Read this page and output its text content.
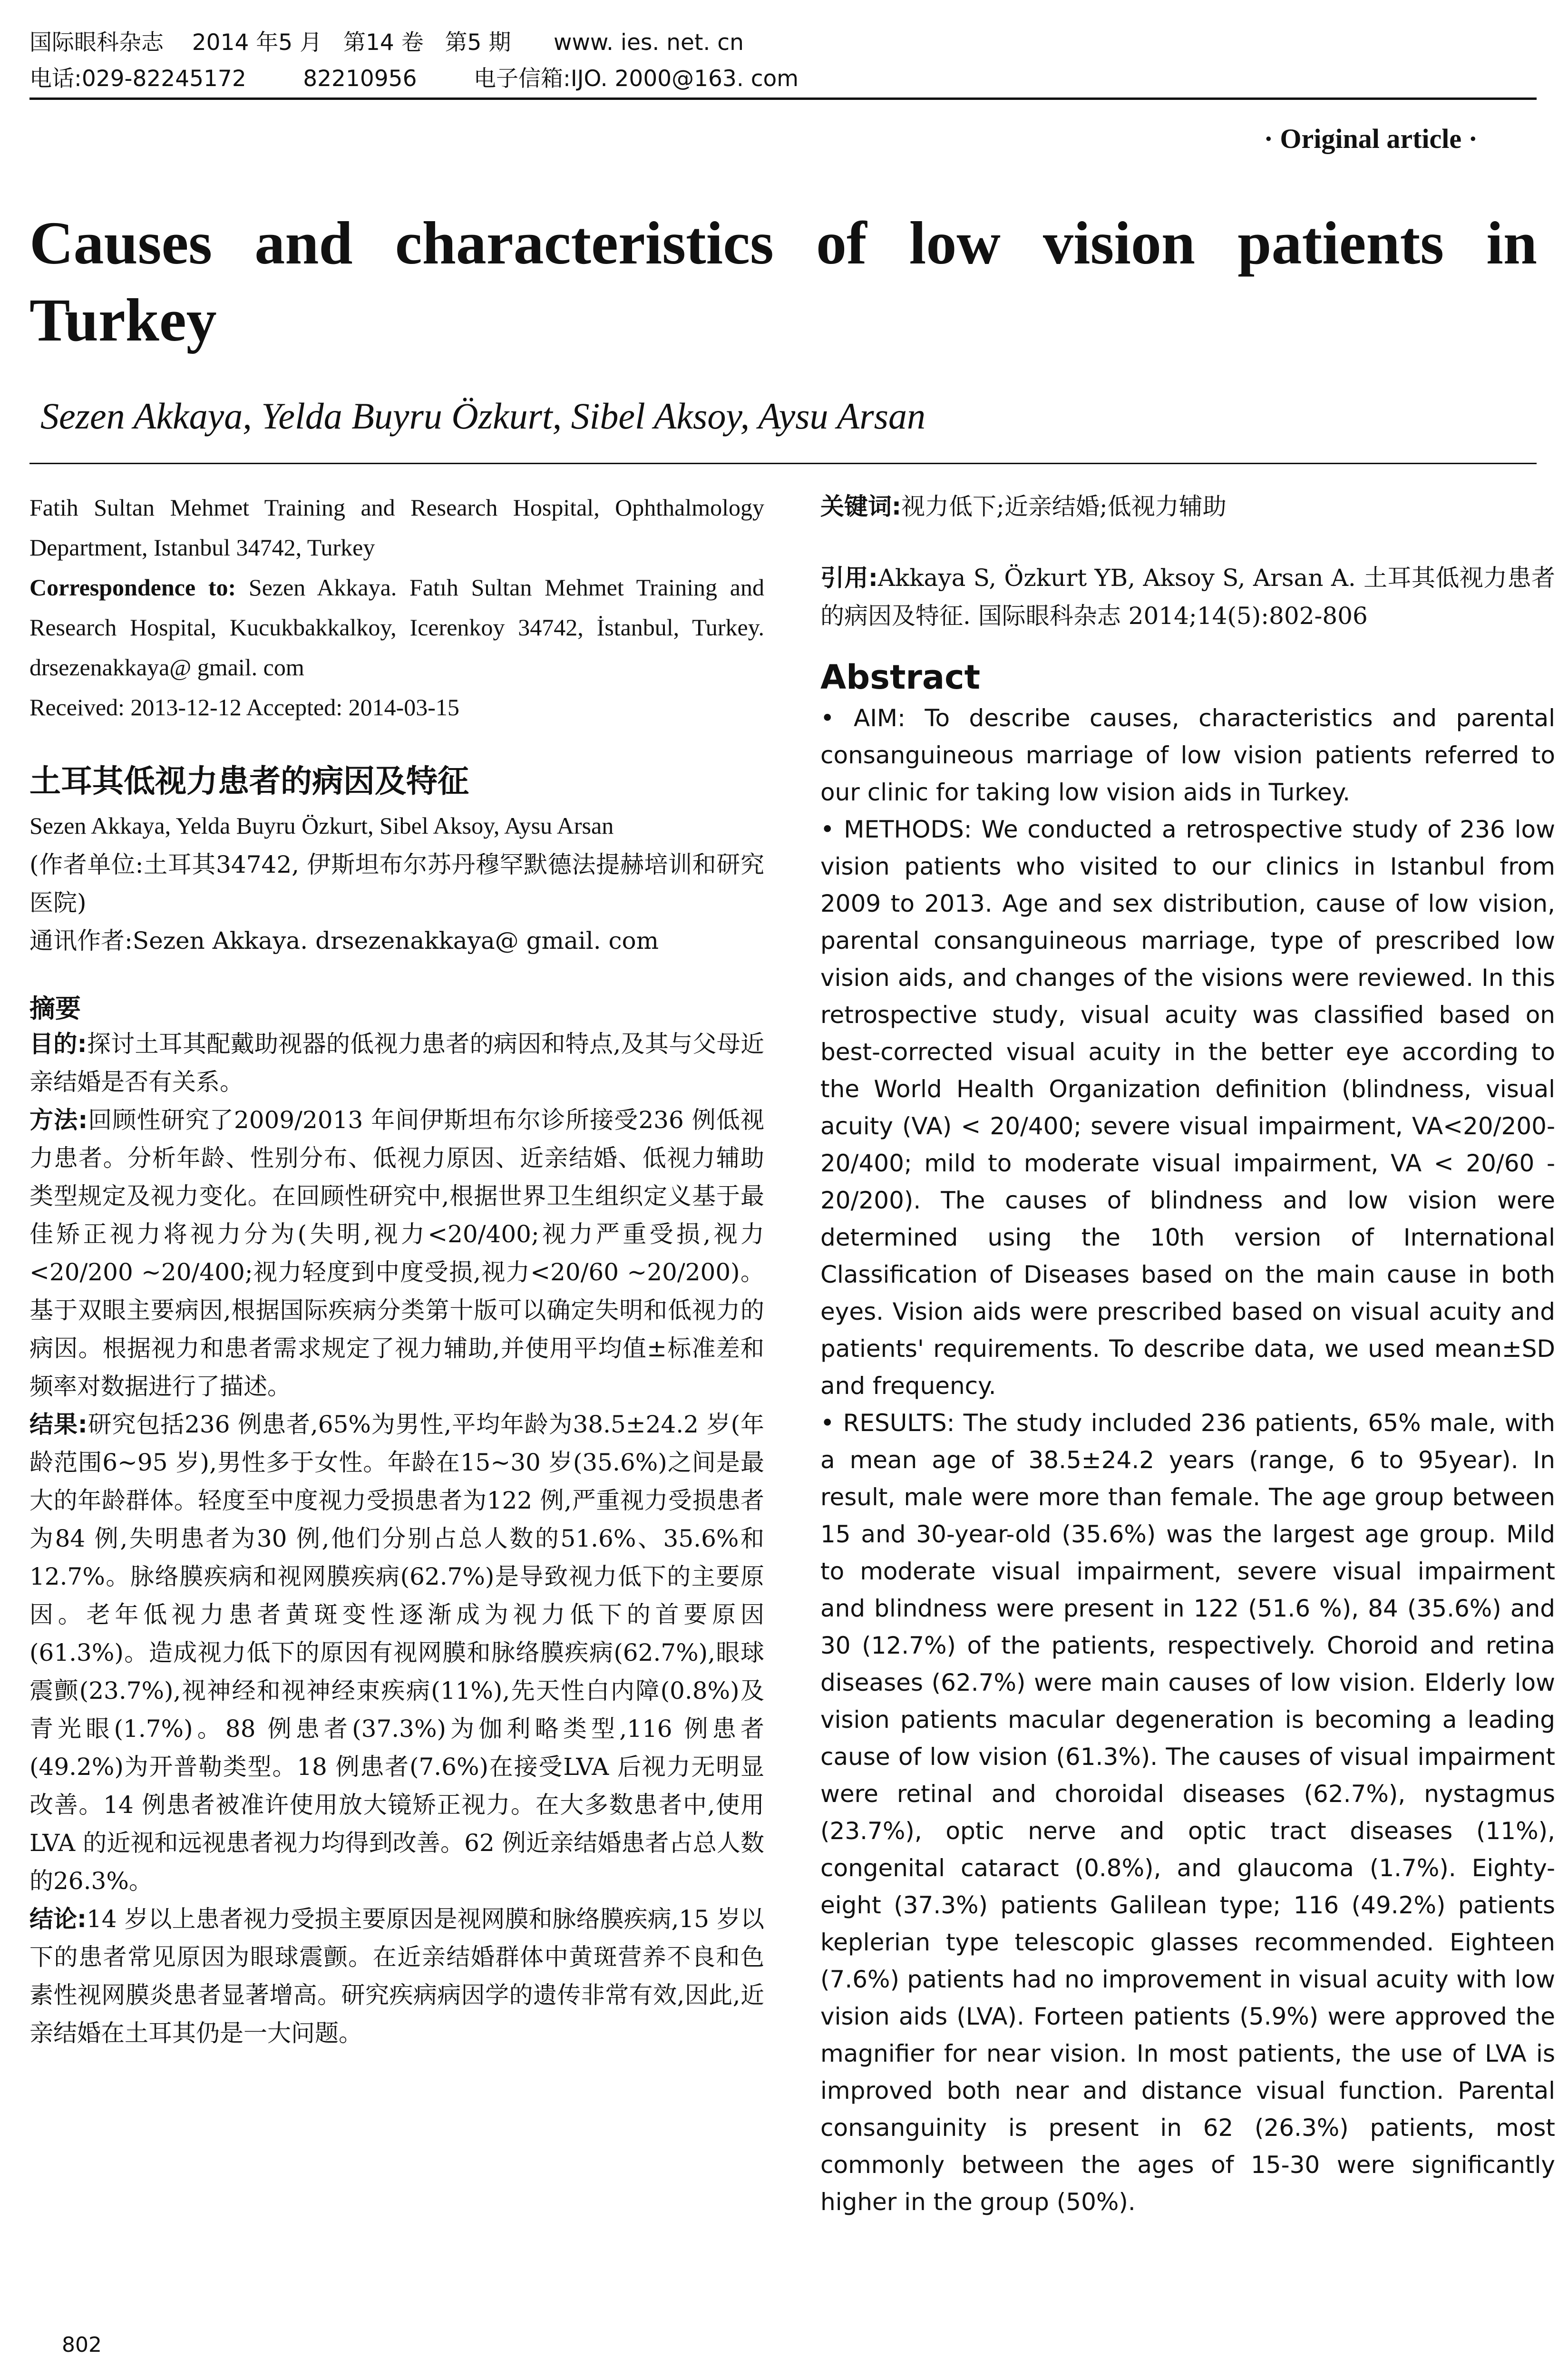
国际眼科杂志    2014 年5 月   第14 卷   第5 期      www. ies. net. cn
电话:029-82245172        82210956        电子信箱:IJO. 2000@163. com
· Original article ·
Causes and characteristics of low vision patients in Turkey
Sezen Akkaya, Yelda Buyru Özkurt, Sibel Aksoy, Aysu Arsan

Fatih Sultan Mehmet Training and Research Hospital, Ophthalmology Department, Istanbul 34742, Turkey

Correspondence to: Sezen Akkaya. Fatıh Sultan Mehmet Training and Research Hospital, Kucukbakkalkoy, Icerenkoy 34742, İstanbul, Turkey. drsezenakkaya@ gmail. com

Received: 2013-12-12 Accepted: 2014-03-15

土耳其低视力患者的病因及特征

Sezen Akkaya, Yelda Buyru Özkurt, Sibel Aksoy, Aysu Arsan

(作者单位:土耳其34742, 伊斯坦布尔苏丹穆罕默德法提赫培训和研究医院)

通讯作者:Sezen Akkaya. drsezenakkaya@ gmail. com

摘要

目的:探讨土耳其配戴助视器的低视力患者的病因和特点,及其与父母近亲结婚是否有关系。

方法:回顾性研究了2009/2013 年间伊斯坦布尔诊所接受236 例低视力患者。分析年龄、性别分布、低视力原因、近亲结婚、低视力辅助类型规定及视力变化。在回顾性研究中,根据世界卫生组织定义基于最佳矫正视力将视力分为(失明,视力<20/400;视力严重受损,视力<20/200 ~20/400;视力轻度到中度受损,视力<20/60 ~20/200)。基于双眼主要病因,根据国际疾病分类第十版可以确定失明和低视力的病因。根据视力和患者需求规定了视力辅助,并使用平均值±标准差和频率对数据进行了描述。

结果:研究包括236 例患者,65%为男性,平均年龄为38.5±24.2 岁(年龄范围6~95 岁),男性多于女性。年龄在15~30 岁(35.6%)之间是最大的年龄群体。轻度至中度视力受损患者为122 例,严重视力受损患者为84 例,失明患者为30 例,他们分别占总人数的51.6%、35.6%和12.7%。脉络膜疾病和视网膜疾病(62.7%)是导致视力低下的主要原因。老年低视力患者黄斑变性逐渐成为视力低下的首要原因(61.3%)。造成视力低下的原因有视网膜和脉络膜疾病(62.7%),眼球震颤(23.7%),视神经和视神经束疾病(11%),先天性白内障(0.8%)及青光眼(1.7%)。88 例患者(37.3%)为伽利略类型,116 例患者(49.2%)为开普勒类型。18 例患者(7.6%)在接受LVA 后视力无明显改善。14 例患者被准许使用放大镜矫正视力。在大多数患者中,使用LVA 的近视和远视患者视力均得到改善。62 例近亲结婚患者占总人数的26.3%。

结论:14 岁以上患者视力受损主要原因是视网膜和脉络膜疾病,15 岁以下的患者常见原因为眼球震颤。在近亲结婚群体中黄斑营养不良和色素性视网膜炎患者显著增高。研究疾病病因学的遗传非常有效,因此,近亲结婚在土耳其仍是一大问题。

关键词:视力低下;近亲结婚;低视力辅助

引用:Akkaya S, Özkurt YB, Aksoy S, Arsan A. 土耳其低视力患者的病因及特征. 国际眼科杂志 2014;14(5):802-806

Abstract

• AIM: To describe causes, characteristics and parental consanguineous marriage of low vision patients referred to our clinic for taking low vision aids in Turkey.

• METHODS: We conducted a retrospective study of 236 low vision patients who visited to our clinics in Istanbul from 2009 to 2013. Age and sex distribution, cause of low vision, parental consanguineous marriage, type of prescribed low vision aids, and changes of the visions were reviewed. In this retrospective study, visual acuity was classified based on best-corrected visual acuity in the better eye according to the World Health Organization definition (blindness, visual acuity (VA) < 20/400; severe visual impairment, VA<20/200-20/400; mild to moderate visual impairment, VA < 20/60 - 20/200). The causes of blindness and low vision were determined using the 10th version of International Classification of Diseases based on the main cause in both eyes. Vision aids were prescribed based on visual acuity and patients' requirements. To describe data, we used mean±SD and frequency.

• RESULTS: The study included 236 patients, 65% male, with a mean age of 38.5±24.2 years (range, 6 to 95year). In result, male were more than female. The age group between 15 and 30-year-old (35.6%) was the largest age group. Mild to moderate visual impairment, severe visual impairment and blindness were present in 122 (51.6 %), 84 (35.6%) and 30 (12.7%) of the patients, respectively. Choroid and retina diseases (62.7%) were main causes of low vision. Elderly low vision patients macular degeneration is becoming a leading cause of low vision (61.3%). The causes of visual impairment were retinal and choroidal diseases (62.7%), nystagmus (23.7%), optic nerve and optic tract diseases (11%), congenital cataract (0.8%), and glaucoma (1.7%). Eighty-eight (37.3%) patients Galilean type; 116 (49.2%) patients keplerian type telescopic glasses recommended. Eighteen (7.6%) patients had no improvement in visual acuity with low vision aids (LVA). Forteen patients (5.9%) were approved the magnifier for near vision. In most patients, the use of LVA is improved both near and distance visual function. Parental consanguinity is present in 62 (26.3%) patients, most commonly between the ages of 15-30 were significantly higher in the group (50%).

802
